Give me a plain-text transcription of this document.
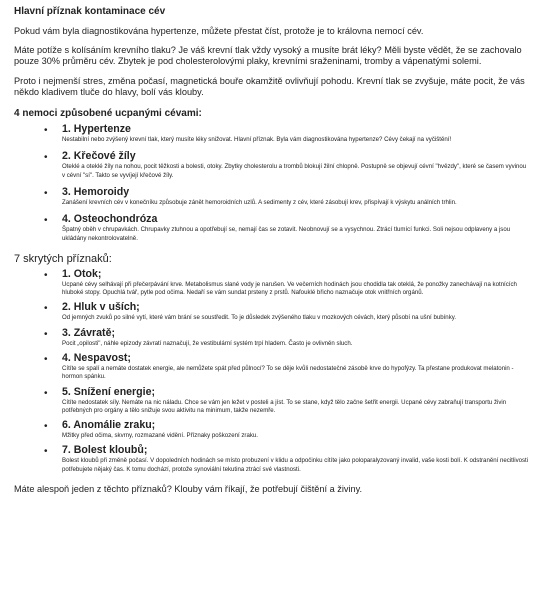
Hlavní příznak kontaminace cév

Pokud vám byla diagnostikována hypertenze, můžete přestat číst, protože je to královna nemocí cév.

Máte potíže s kolísáním krevního tlaku? Je váš krevní tlak vždy vysoký a musíte brát léky? Měli byste vědět, že se zachovalo pouze 30% průměru cév. Zbytek je pod cholesterolovými plaky, krevními sraženinami, tromby a vápenatými solemi.

Proto i nejmenší stres, změna počasí, magnetická bouře okamžitě ovlivňují pohodu. Krevní tlak se zvyšuje, máte pocit, že vás někdo kladivem tluče do hlavy, bolí vás klouby.

4 nemoci způsobené ucpanými cévami:
• 1. Hypertenze
Nestabilní nebo zvýšený krevní tlak, který musíte léky snižovat. Hlavní příznak. Byla vám diagnostikována hypertenze? Cévy čekají na vyčištění!
• 2. Křečové žíly
Oteklé a oteklé žíly na nohou, pocit těžkosti a bolesti, otoky. Zbytky cholesterolu a trombů blokují žilní chlopně. Postupně se objevují cévní "hvězdy", které se časem vyvinou v cévní "sí". Takto se vyvíjejí křečové žíly.
• 3. Hemoroidy
Zanášení krevních cév v konečníku způsobuje zánět hemoroidních uzlů. A sedimenty z cév, které zásobují krev, přispívají k výskytu análních trhlin.
• 4. Osteochondróza
Špatný oběh v chrupavkách. Chrupavky ztuhnou a opotřebují se, nemají čas se zotavit. Neobnovují se a vysychnou. Ztrácí tlumící funkci. Soli nejsou odplaveny a jsou ukládány nekontrolovatelně.
7 skrytých příznaků:
• 1. Otok;
Ucpané cévy selhávají při přečerpávání krve. Metabolismus slané vody je narušen. Ve večerních hodinách jsou chodidla tak oteklá, že ponožky zanechávají na kotnících hluboké stopy. Opuchlá tvář, pytle pod očima. Nedaří se vám sundat prsteny z prstů. Nafouklé břicho naznačuje otok vnitřních orgánů.
• 2. Hluk v uších;
Od jemných zvuků po silné vytí, které vám brání se soustředit. To je důsledek zvýšeného tlaku v mozkových cévách, který působí na ušní bubínky.
• 3. Závratě;
Pocit „opilosti", náhle epizody závratí naznačují, že vestibulární systém trpí hladem. Často je ovlivněn sluch.
• 4. Nespavost;
Cítíte se spalí a nemáte dostatek energie, ale nemůžete spát před půlnocí? To se děje kvůli nedostatečné zásobě krve do hypofýzy. Ta přestane produkovat melatonin - hormon spánku.
• 5. Snížení energie;
Cítíte nedostatek síly. Nemáte na nic náladu. Chce se vám jen ležet v posteli a jíst. To se stane, když tělo začne šetřit energii. Ucpané cévy zabraňují transportu živin potřebných pro orgány a tělo snižuje svou aktivitu na minimum, takže nezemře.
• 6. Anomálie zraku;
Mžitky před očima, skvrny, rozmazané vidění. Příznaky poškození zraku.
• 7. Bolest kloubů;
Bolest kloubů při změně počasí. V dopoledních hodinách se místo probuzení v klidu a odpočinku cítíte jako poloparalyzovaný invalid, vaše kosti bolí. K odstranění necitlivosti potřebujete nějaký čas. K tomu dochází, protože synoviální tekutina ztrácí své vlastnosti.

Máte alespoň jeden z těchto příznaků? Klouby vám říkají, že potřebují čištění a živiny.
